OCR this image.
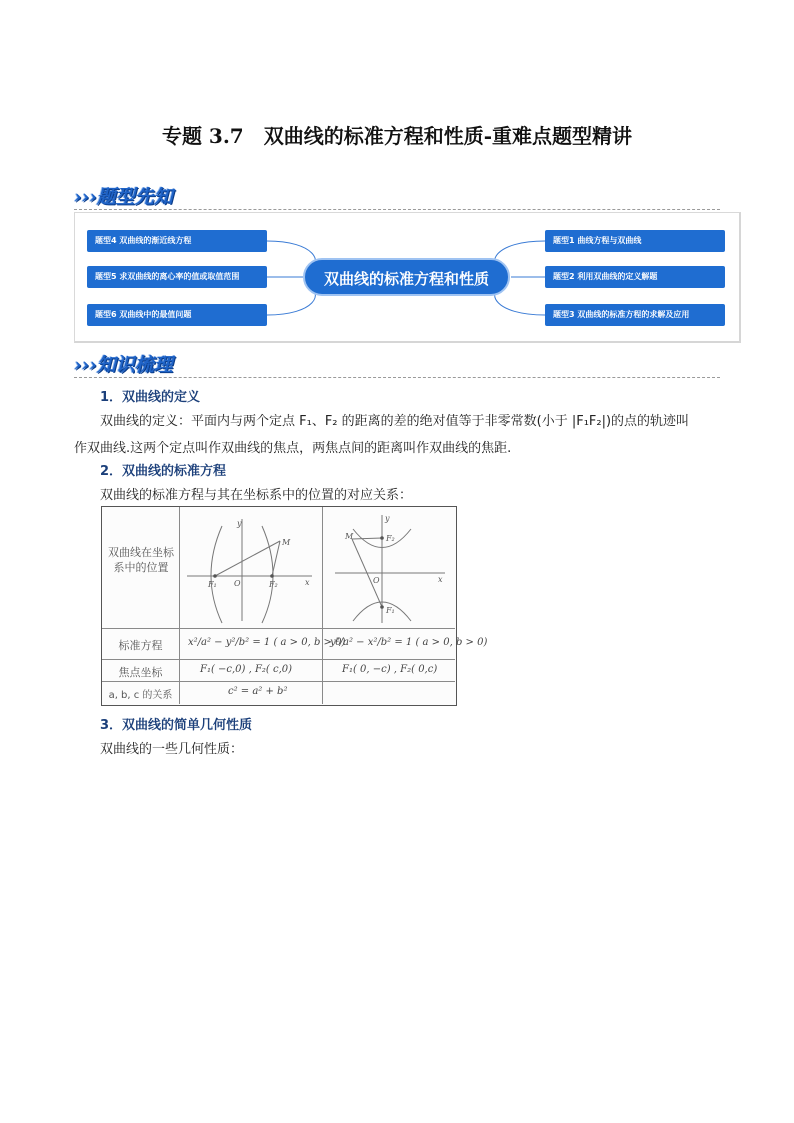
专题 3.7　双曲线的标准方程和性质-重难点题型精讲
›››题型先知
题型4 双曲线的渐近线方程
题型5 求双曲线的离心率的值或取值范围
题型6 双曲线中的最值问题
双曲线的标准方程和性质
题型1 曲线方程与双曲线
题型2 利用双曲线的定义解题
题型3 双曲线的标准方程的求解及应用
›››知识梳理
1．双曲线的定义
双曲线的定义：平面内与两个定点 F₁、F₂ 的距离的差的绝对值等于非零常数(小于 |F₁F₂|)的点的轨迹叫
作双曲线.这两个定点叫作双曲线的焦点，两焦点间的距离叫作双曲线的焦距.
2．双曲线的标准方程
双曲线的标准方程与其在坐标系中的位置的对应关系：
双曲线在坐标系中的位置
标准方程
焦点坐标
a, b, c 的关系
y
x
M
O
F₁	F₂
y
x
M
O
F₁
F₂
x²/a² − y²/b² = 1 ( a > 0, b > 0)
y²/a² − x²/b² = 1 ( a > 0, b > 0)
F₁( −c,0) , F₂( c,0)	F₁( 0, −c) , F₂( 0,c)
c² = a² + b²
3．双曲线的简单几何性质
双曲线的一些几何性质：
